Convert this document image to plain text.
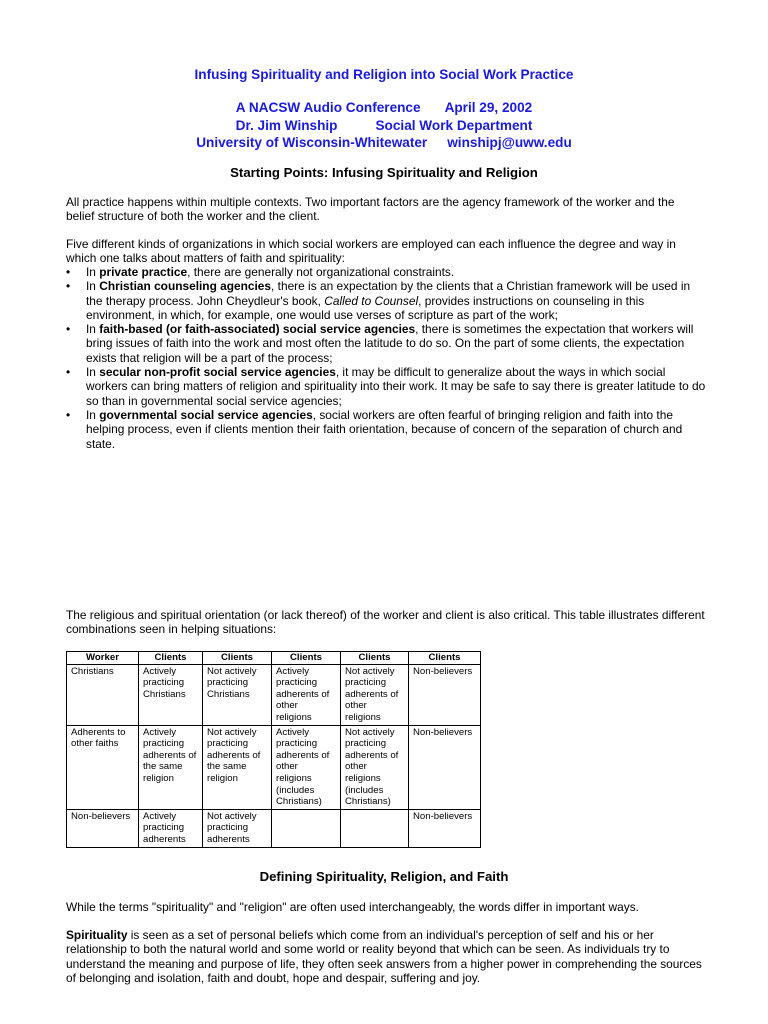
Infusing Spirituality and Religion into Social Work Practice
A NACSW Audio Conference April 29, 2002
Dr. Jim Winship	Social Work Department
University of Wisconsin-Whitewater winshipj@uww.edu
Starting Points: Infusing Spirituality and Religion
All practice happens within multiple contexts. Two important factors are the agency framework of the worker and the belief structure of both the worker and the client.
Five different kinds of organizations in which social workers are employed can each influence the degree and way in which one talks about matters of faith and spirituality:
• In private practice, there are generally not organizational constraints.
• In Christian counseling agencies, there is an expectation by the clients that a Christian framework will be used in the therapy process. John Cheydleur's book, Called to Counsel, provides instructions on counseling in this environment, in which, for example, one would use verses of scripture as part of the work;
• In faith-based (or faith-associated) social service agencies, there is sometimes the expectation that workers will bring issues of faith into the work and most often the latitude to do so. On the part of some clients, the expectation exists that religion will be a part of the process;
• In secular non-profit social service agencies, it may be difficult to generalize about the ways in which social workers can bring matters of religion and spirituality into their work. It may be safe to say there is greater latitude to do so than in governmental social service agencies;
• In governmental social service agencies, social workers are often fearful of bringing religion and faith into the helping process, even if clients mention their faith orientation, because of concern of the separation of church and state.
The religious and spiritual orientation (or lack thereof) of the worker and client is also critical. This table illustrates different combinations seen in helping situations:
Worker	Clients	Clients	Clients	Clients	Clients
Christians	Actively practicing Christians	Not actively practicing Christians	Actively practicing adherents of other religions	Not actively practicing adherents of other religions	Non-believers
Adherents to other faiths	Actively practicing adherents of the same religion	Not actively practicing adherents of the same religion	Actively practicing adherents of other religions (includes Christians)	Not actively practicing adherents of other religions (includes Christians)	Non-believers
Non-believers	Actively practicing adherents	Not actively practicing adherents			Non-believers
Defining Spirituality, Religion, and Faith
While the terms "spirituality" and "religion" are often used interchangeably, the words differ in important ways.
Spirituality is seen as a set of personal beliefs which come from an individual's perception of self and his or her relationship to both the natural world and some world or reality beyond that which can be seen. As individuals try to understand the meaning and purpose of life, they often seek answers from a higher power in comprehending the sources of belonging and isolation, faith and doubt, hope and despair, suffering and joy.
